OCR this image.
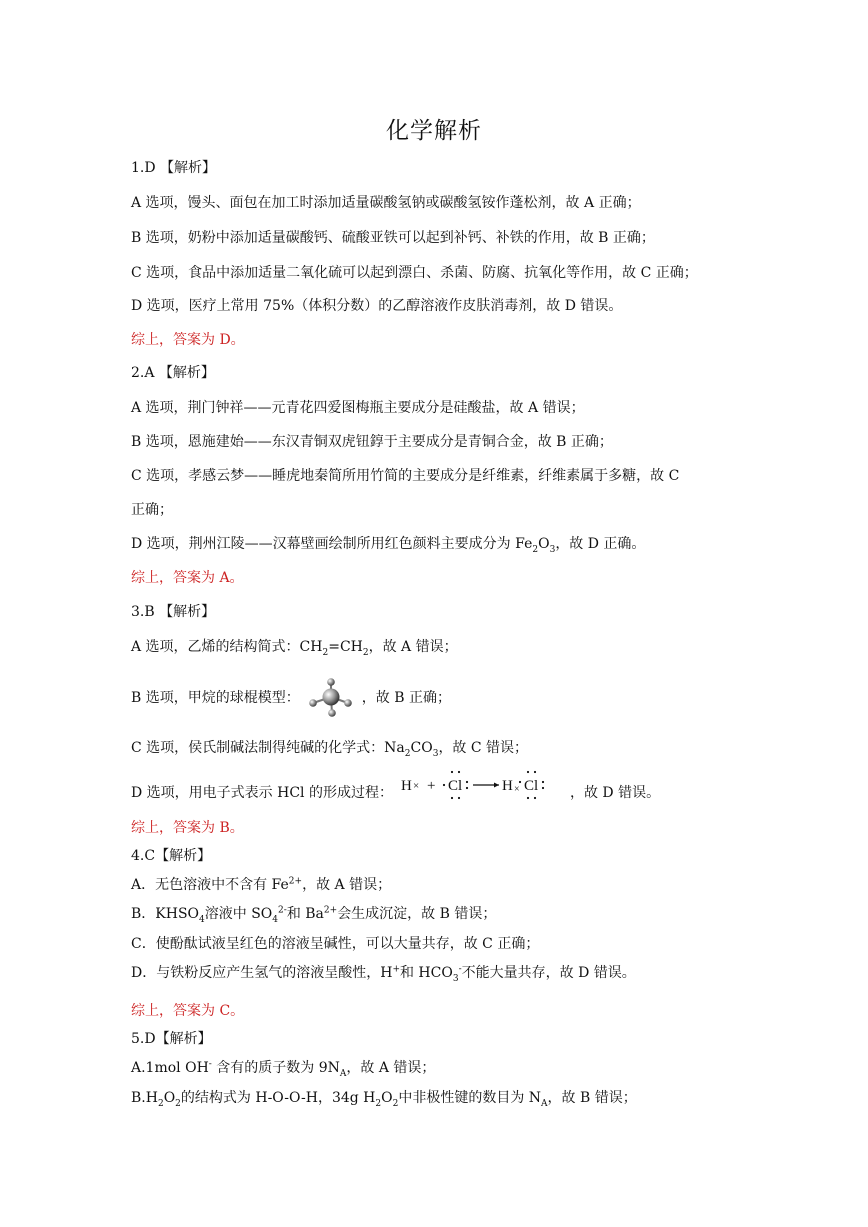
化学解析
1.D 【解析】
A 选项，馒头、面包在加工时添加适量碳酸氢钠或碳酸氢铵作蓬松剂，故 A 正确；
B 选项，奶粉中添加适量碳酸钙、硫酸亚铁可以起到补钙、补铁的作用，故 B 正确；
C 选项，食品中添加适量二氧化硫可以起到漂白、杀菌、防腐、抗氧化等作用，故 C 正确；
D 选项，医疗上常用 75%（体积分数）的乙醇溶液作皮肤消毒剂，故 D 错误。
综上，答案为 D。
2.A 【解析】
A 选项，荆门钟祥——元青花四爱图梅瓶主要成分是硅酸盐，故 A 错误；
B 选项，恩施建始——东汉青铜双虎钮錞于主要成分是青铜合金，故 B 正确；
C 选项，孝感云梦——睡虎地秦简所用竹简的主要成分是纤维素，纤维素属于多糖，故 C
正确；
D 选项，荆州江陵——汉幕壁画绘制所用红色颜料主要成分为 $Fe_2O_3$，故 D 正确。
综上，答案为 A。
3.B 【解析】
A 选项，乙烯的结构简式：$CH_2=CH_2$，故 A 错误；
B 选项，甲烷的球棍模型：	，故 B 正确；
C 选项，侯氏制碱法制得纯碱的化学式：$Na_2CO_3$，故 C 错误；
D 选项，用电子式表示 HCl 的形成过程： H × + Cl	H × Cl ，故 D 错误。
综上，答案为 B。
4.C【解析】
A．无色溶液中不含有 $Fe^{2+}$，故 A 错误；
B．$KHSO_4$溶液中 $SO_4^{2-}$和 $Ba^{2+}$会生成沉淀，故 B 错误；
C．使酚酞试液呈红色的溶液呈碱性，可以大量共存，故 C 正确；
D．与铁粉反应产生氢气的溶液呈酸性，H+和 $HCO_3^-$不能大量共存，故 D 错误。
综上，答案为 C。
5.D【解析】
A.1mol OH- 含有的质子数为 $9N_A$，故 A 错误；
$B.H_2O_2$的结构式为 H-O-O-H，34g $H_2O_2$中非极性键的数目为 $N_A$，故 B 错误；
